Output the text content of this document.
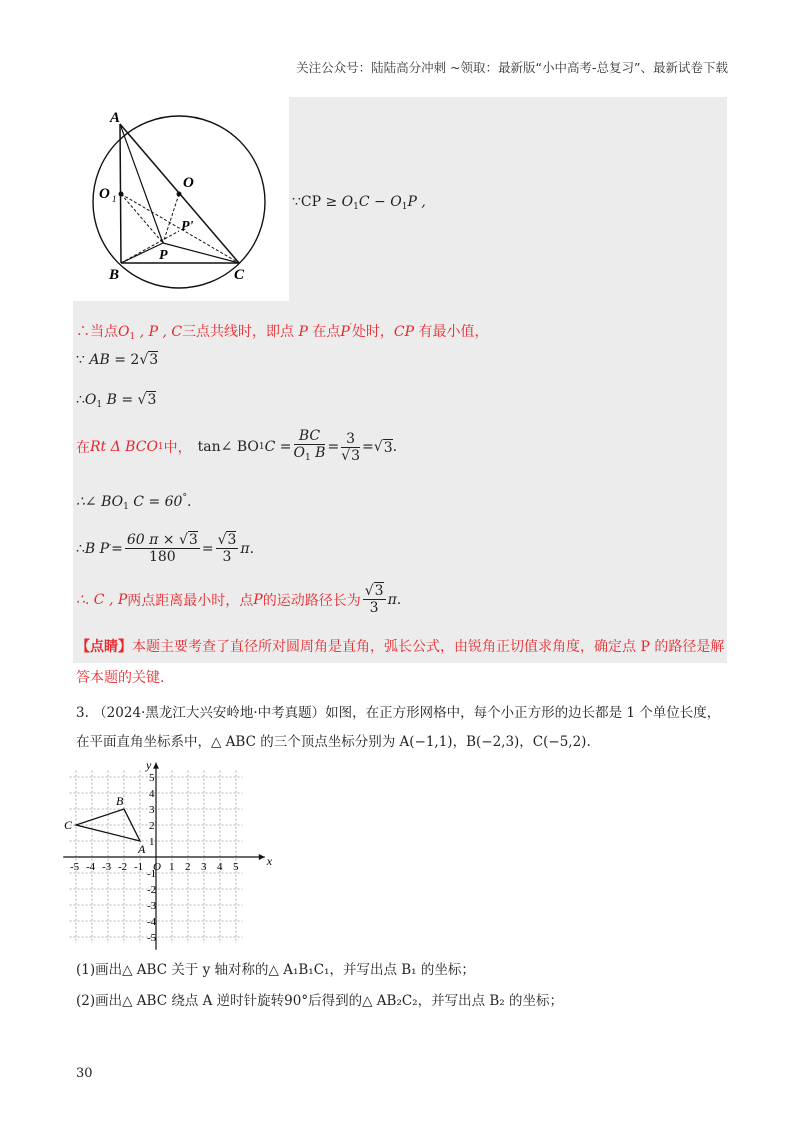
关注公众号：陆陆高分冲刺 ~领取：最新版“小中高考-总复习”、最新试卷下载
A
B	C
O
O 1
P
P'
∵CP ≥ $O_1C - O_1P$ ,
∴当点$O_1$ , P , C三点共线时，即点 P 在点P′处时，CP 有最小值，
∵ AB = 2√3
$\therefore O_1$ B = √3
在 Rt Δ BCO 1 中， tan∠ BO 1 $C = \frac{BC}{O_1 B} = \frac{3}{√3}$ = √ 3 .
∴∠ $BO_1$ C = 60°.
∴ B P ′ = $\frac{60 \pi \times √3}{180} = \frac{√3}{3}$ π .
∴. C , P 两点距离最小时，点 P 的运动路径长为 $\frac{√3}{3}$ π .
【点睛】本题主要考查了直径所对圆周角是直角，弧长公式，由锐角正切值求角度，确定点 P 的路径是解
答本题的关键.
3. （2024·黑龙江大兴安岭地·中考真题）如图，在正方形网格中，每个小正方形的边长都是 1 个单位长度，
在平面直角坐标系中，△ ABC 的三个顶点坐标分别为 A(−1,1)，B(−2,3)，C(−5,2).
-5 -4 -3 -2 -1 O 1 2 3 4 5
5
4
3
2
1
-1
-2
-3
-4
-5
x
y
A
B
C
(1)画出△ ABC 关于 y 轴对称的△ A₁B₁C₁，并写出点 B₁ 的坐标；
(2)画出△ ABC 绕点 A 逆时针旋转90°后得到的△ AB₂C₂，并写出点 B₂ 的坐标；
30
